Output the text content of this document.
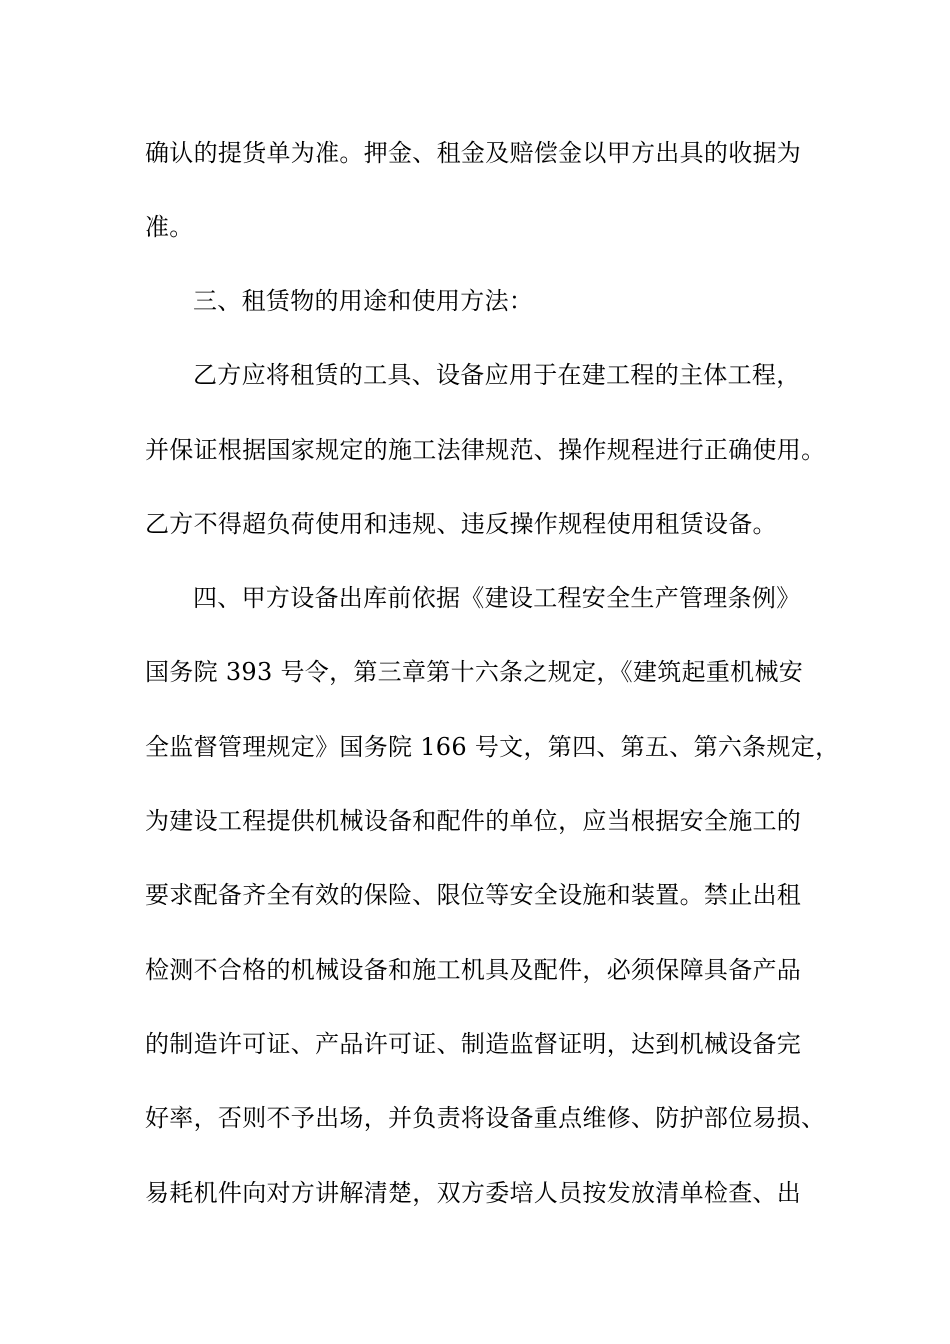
确认的提货单为准。押金、租金及赔偿金以甲方出具的收据为
准。
三、租赁物的用途和使用方法：
乙方应将租赁的工具、设备应用于在建工程的主体工程，
并保证根据国家规定的施工法律规范、操作规程进行正确使用。
乙方不得超负荷使用和违规、违反操作规程使用租赁设备。
四、甲方设备出库前依据《建设工程安全生产管理条例》
国务院 393 号令，第三章第十六条之规定，《建筑起重机械安
全监督管理规定》国务院 166 号文，第四、第五、第六条规定，
为建设工程提供机械设备和配件的单位，应当根据安全施工的
要求配备齐全有效的保险、限位等安全设施和装置。禁止出租
检测不合格的机械设备和施工机具及配件，必须保障具备产品
的制造许可证、产品许可证、制造监督证明，达到机械设备完
好率，否则不予出场，并负责将设备重点维修、防护部位易损、
易耗机件向对方讲解清楚，双方委培人员按发放清单检查、出
